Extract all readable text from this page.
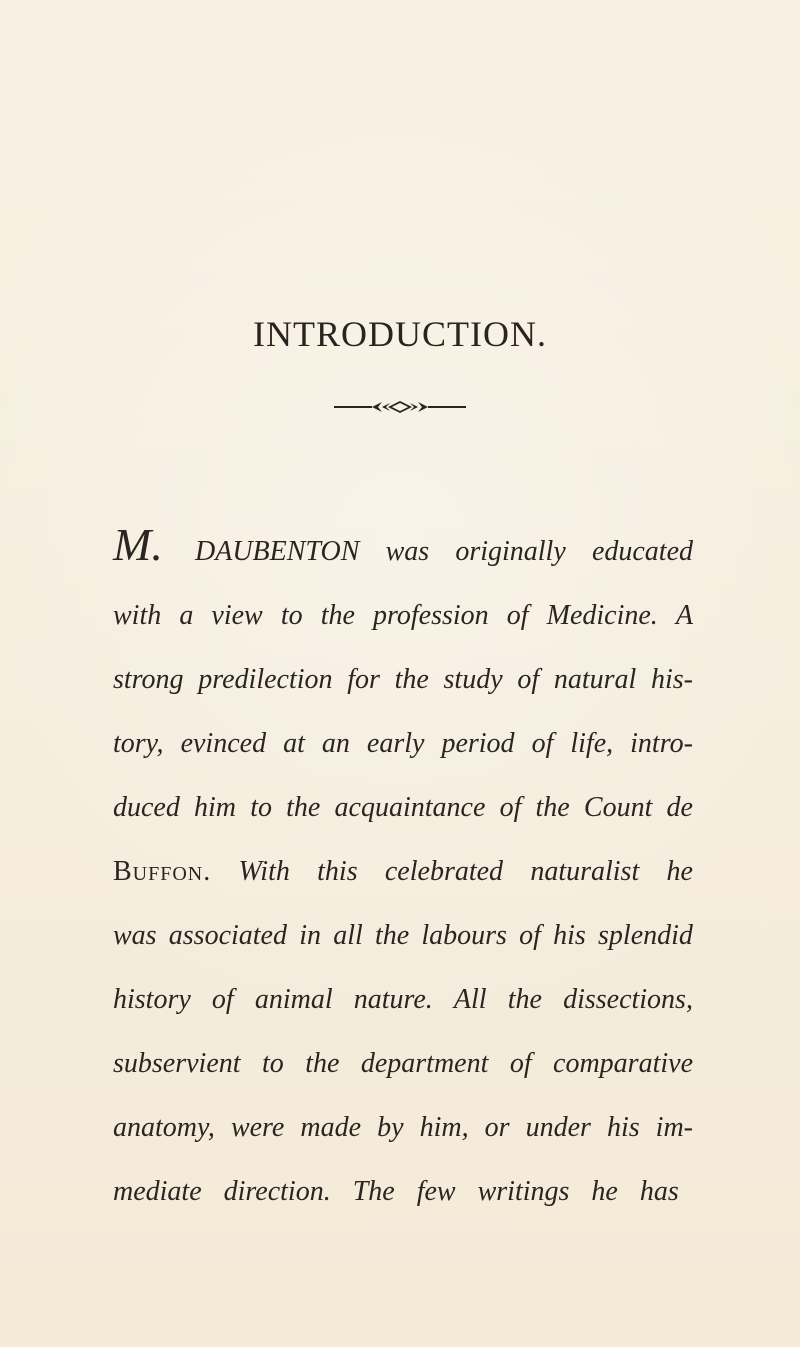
INTRODUCTION.
M. DAUBENTON was originally educated
with a view to the profession of Medicine. A
strong predilection for the study of natural his-
tory, evinced at an early period of life, intro-
duced him to the acquaintance of the Count de
Buffon. With this celebrated naturalist he
was associated in all the labours of his splendid
history of animal nature. All the dissections,
subservient to the department of comparative
anatomy, were made by him, or under his im-
mediate direction. The few writings he has
